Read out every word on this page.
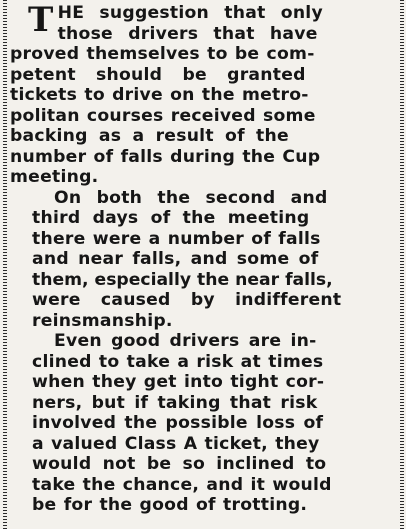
T HE suggestion that only
those drivers that have
proved themselves to be com-
petent should be granted
tickets to drive on the metro-
politan courses received some
backing as a result of the
number of falls during the Cup
meeting.
On both the second and
third days of the meeting
there were a number of falls
and near falls, and some of
them, especially the near falls,
were caused by indifferent
reinsmanship.
Even good drivers are in-
clined to take a risk at times
when they get into tight cor-
ners, but if taking that risk
involved the possible loss of
a valued Class A ticket, they
would not be so inclined to
take the chance, and it would
be for the good of trotting.
